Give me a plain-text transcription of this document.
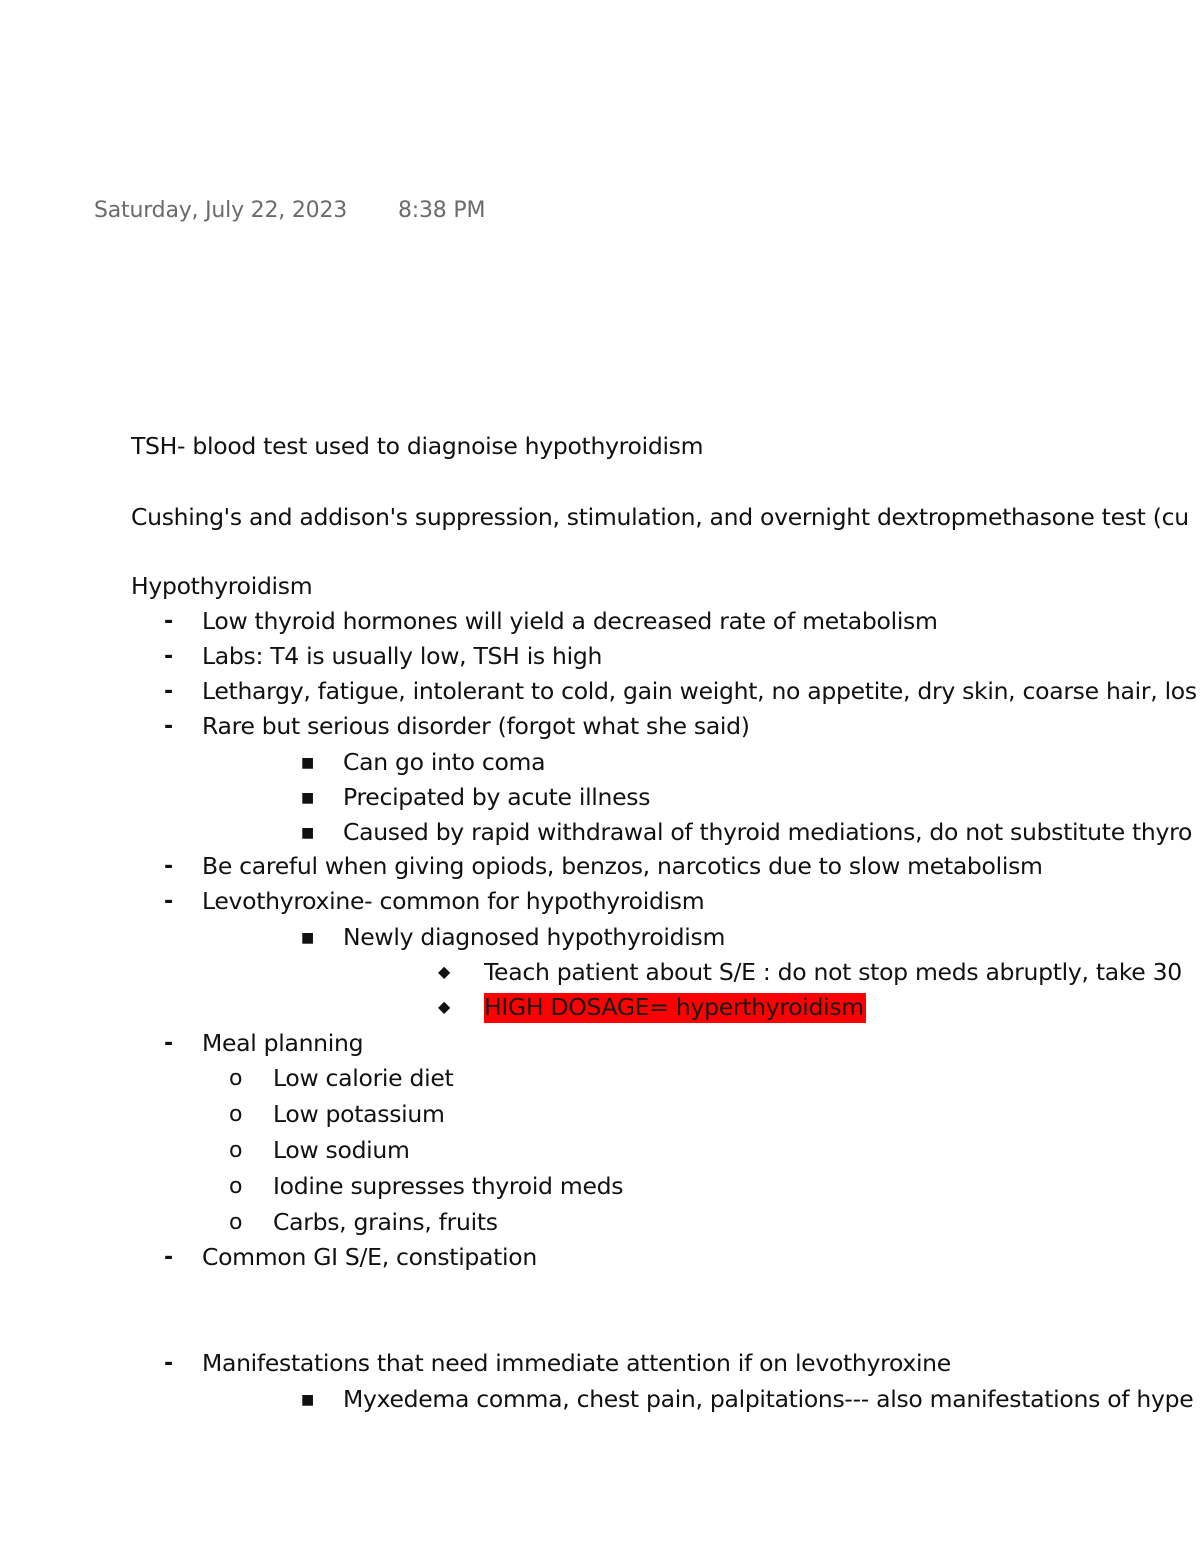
Saturday, July 22, 2023 8:38 PM
TSH- blood test used to diagnoise hypothyroidism
Cushing's and addison's suppression, stimulation, and overnight dextropmethasone test (cu
Hypothyroidism
- Low thyroid hormones will yield a decreased rate of metabolism
- Labs: T4 is usually low, TSH is high
- Lethargy, fatigue, intolerant to cold, gain weight, no appetite, dry skin, coarse hair, los
- Rare but serious disorder (forgot what she said)
■ Can go into coma
■ Precipated by acute illness
■ Caused by rapid withdrawal of thyroid mediations, do not substitute thyro
- Be careful when giving opiods, benzos, narcotics due to slow metabolism
- Levothyroxine- common for hypothyroidism
■ Newly diagnosed hypothyroidism
◆ Teach patient about S/E : do not stop meds abruptly, take 30
◆ HIGH DOSAGE= hyperthyroidism
- Meal planning
o Low calorie diet
o Low potassium
o Low sodium
o Iodine supresses thyroid meds
o Carbs, grains, fruits
- Common GI S/E, constipation
- Manifestations that need immediate attention if on levothyroxine
■ Myxedema comma, chest pain, palpitations--- also manifestations of hype
